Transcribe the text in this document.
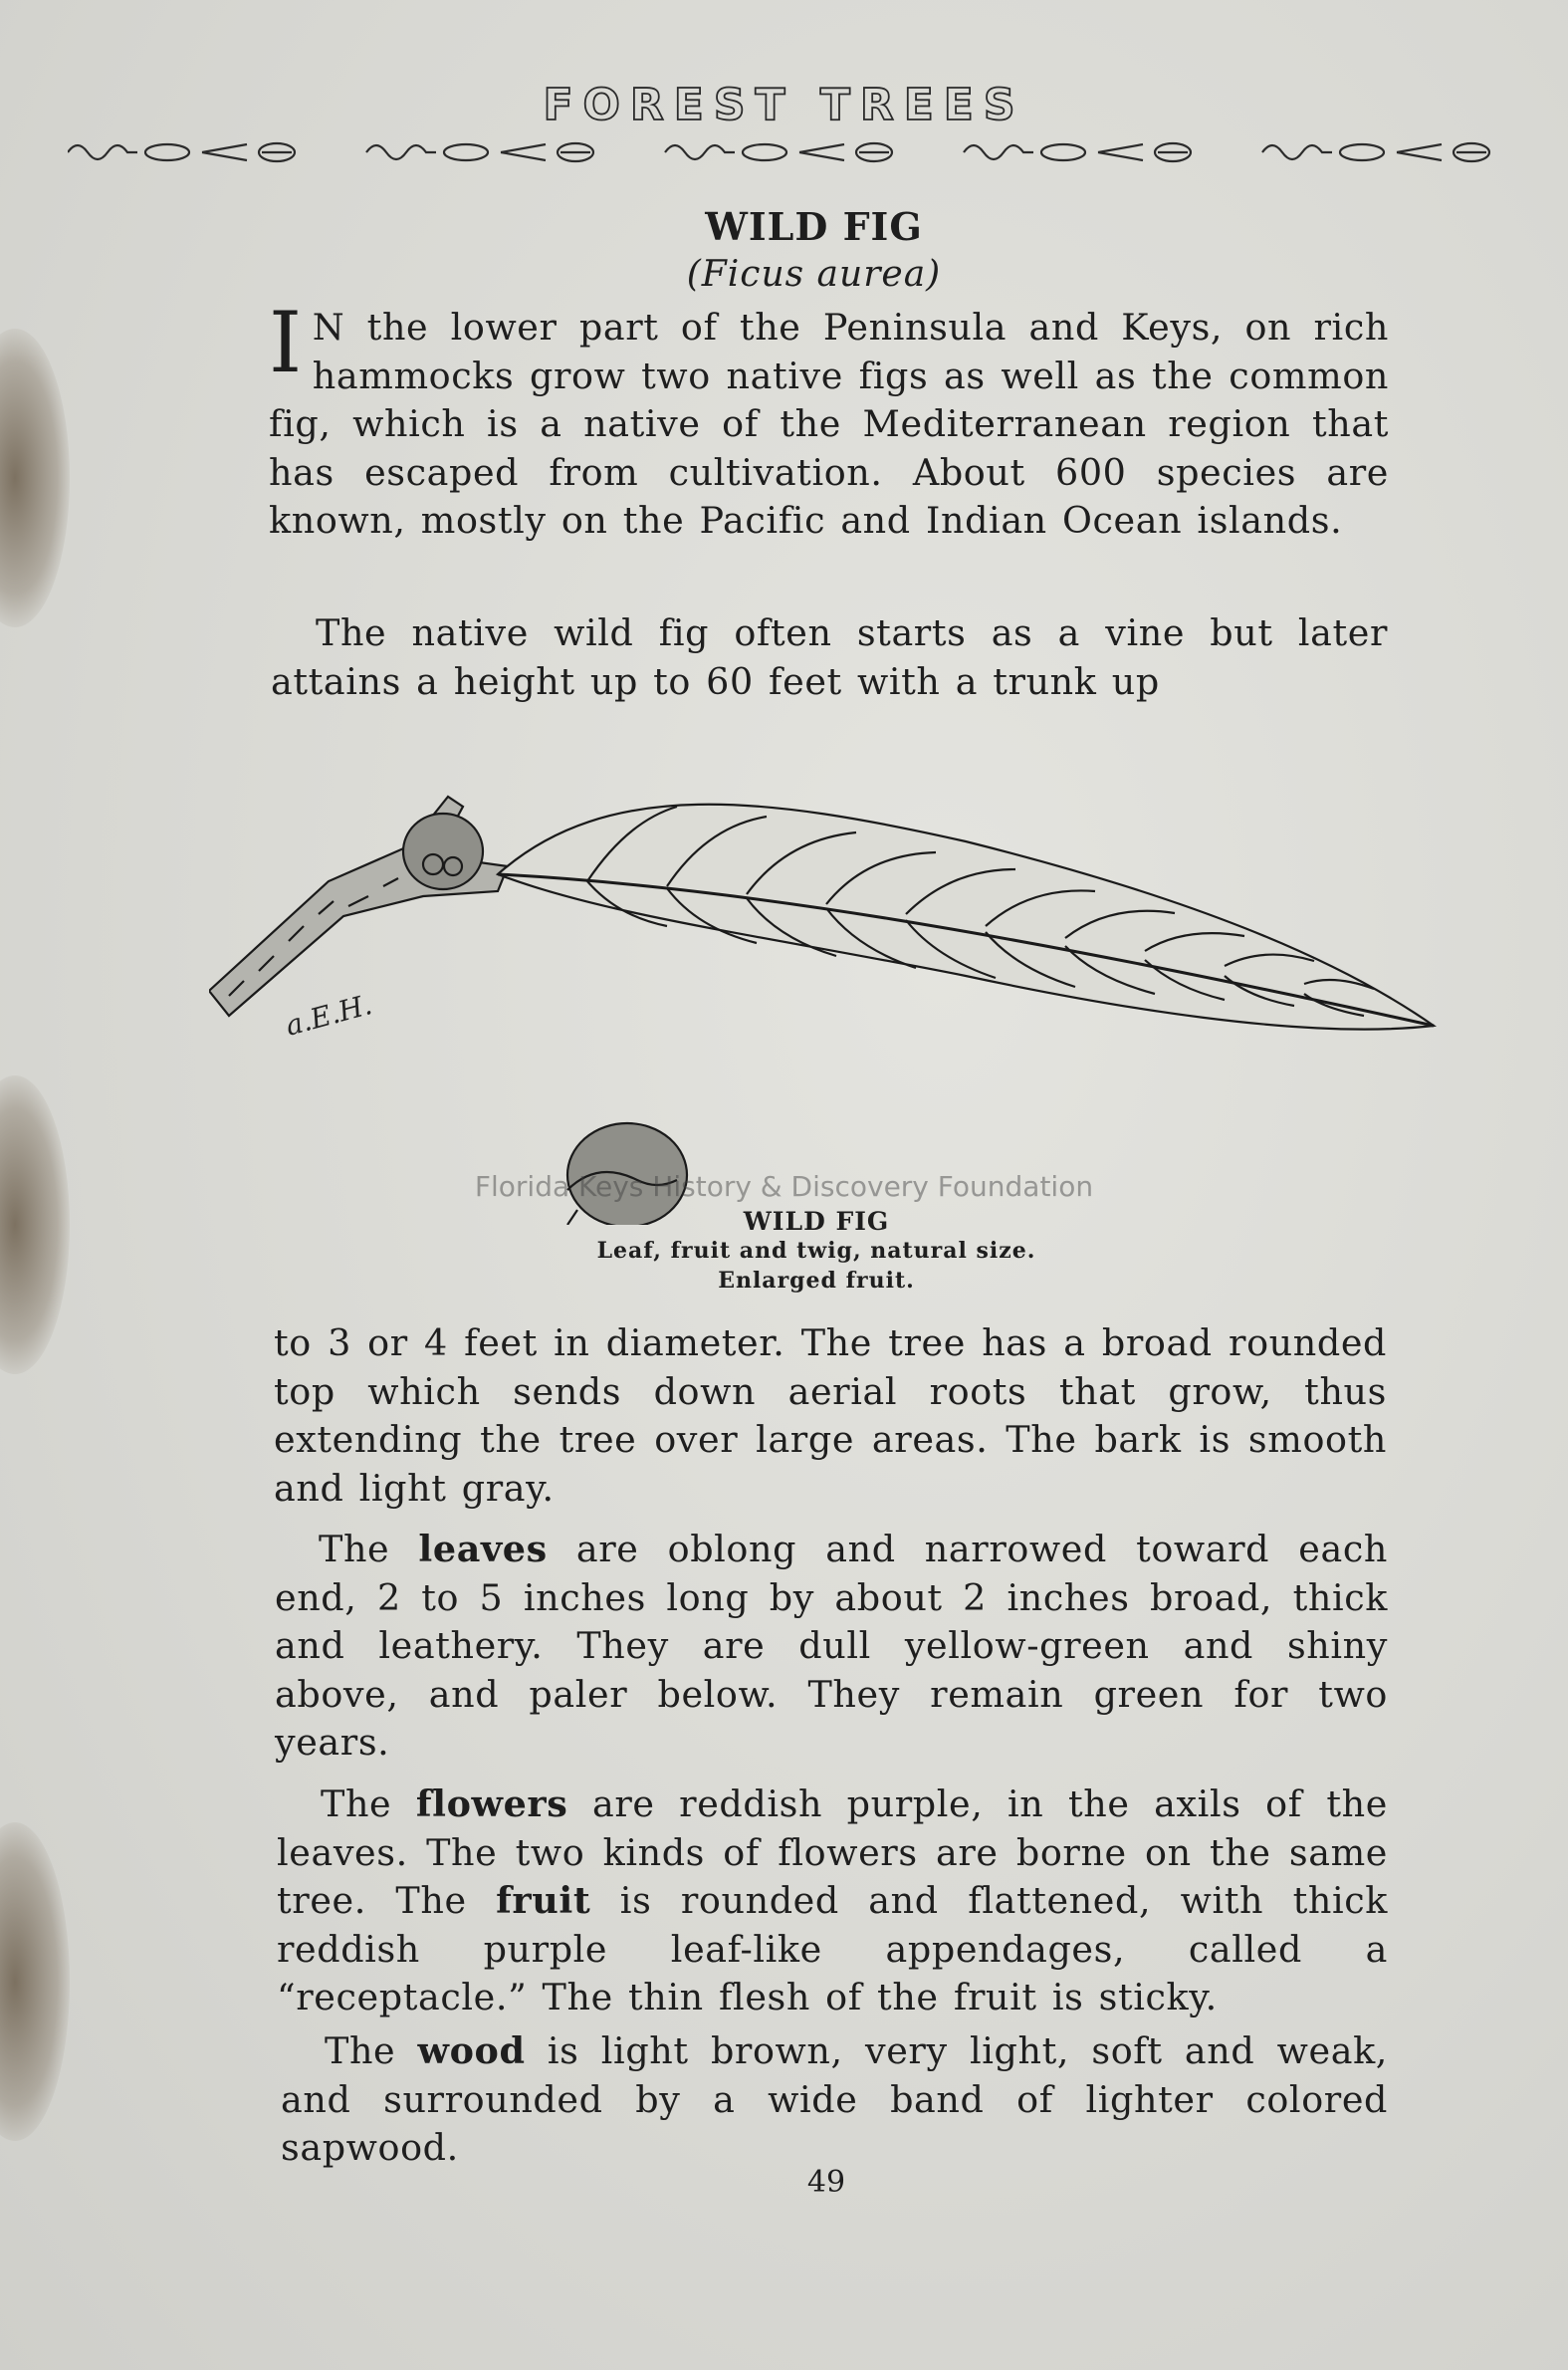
FOREST TREES
WILD FIG
(Ficus aurea)
I N the lower part of the Peninsula and Keys, on rich hammocks grow two native figs as well as the common fig, which is a native of the Mediterranean region that has escaped from cultivation. About 600 species are known, mostly on the Pacific and Indian Ocean islands.
The native wild fig often starts as a vine but later attains a height up to 60 feet with a trunk up
a.E.H.
Florida Keys History & Discovery Foundation
WILD FIG
Leaf, fruit and twig, natural size.
Enlarged fruit.
to 3 or 4 feet in diameter. The tree has a broad rounded top which sends down aerial roots that grow, thus extending the tree over large areas. The bark is smooth and light gray.
The leaves are oblong and narrowed toward each end, 2 to 5 inches long by about 2 inches broad, thick and leathery. They are dull yellow-green and shiny above, and paler below. They remain green for two years.
The flowers are reddish purple, in the axils of the leaves. The two kinds of flowers are borne on the same tree. The fruit is rounded and flattened, with thick reddish purple leaf-like appendages, called a “receptacle.” The thin flesh of the fruit is sticky.
The wood is light brown, very light, soft and weak, and surrounded by a wide band of lighter colored sapwood.
49
